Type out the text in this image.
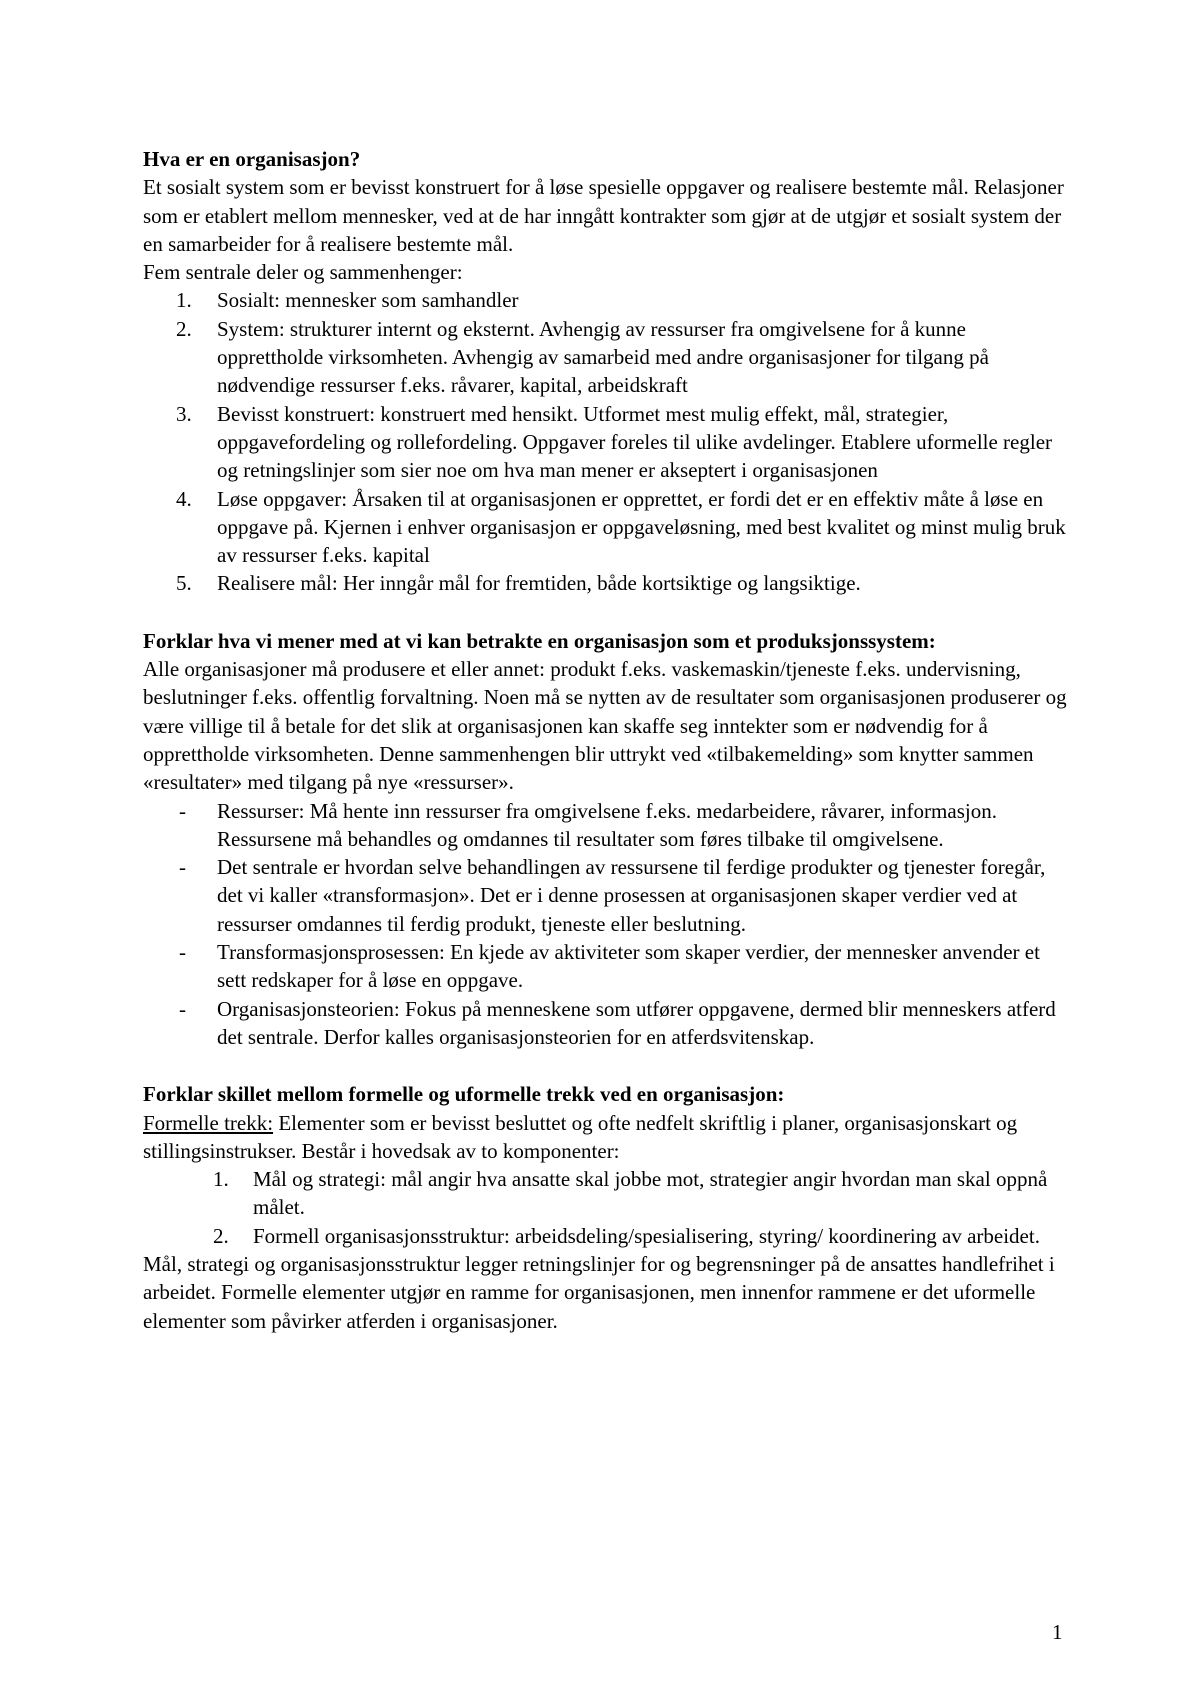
Hva er en organisasjon?

Et sosialt system som er bevisst konstruert for å løse spesielle oppgaver og realisere bestemte mål. Relasjoner som er etablert mellom mennesker, ved at de har inngått kontrakter som gjør at de utgjør et sosialt system der en samarbeider for å realisere bestemte mål.

Fem sentrale deler og sammenhenger:

1. Sosialt: mennesker som samhandler
2. System: strukturer internt og eksternt. Avhengig av ressurser fra omgivelsene for å kunne opprettholde virksomheten. Avhengig av samarbeid med andre organisasjoner for tilgang på nødvendige ressurser f.eks. råvarer, kapital, arbeidskraft
3. Bevisst konstruert: konstruert med hensikt. Utformet mest mulig effekt, mål, strategier, oppgavefordeling og rollefordeling. Oppgaver foreles til ulike avdelinger. Etablere uformelle regler og retningslinjer som sier noe om hva man mener er akseptert i organisasjonen
4. Løse oppgaver: Årsaken til at organisasjonen er opprettet, er fordi det er en effektiv måte å løse en oppgave på. Kjernen i enhver organisasjon er oppgaveløsning, med best kvalitet og minst mulig bruk av ressurser f.eks. kapital
5. Realisere mål: Her inngår mål for fremtiden, både kortsiktige og langsiktige.

Forklar hva vi mener med at vi kan betrakte en organisasjon som et produksjonssystem:

Alle organisasjoner må produsere et eller annet: produkt f.eks. vaskemaskin/tjeneste f.eks. undervisning, beslutninger f.eks. offentlig forvaltning. Noen må se nytten av de resultater som organisasjonen produserer og være villige til å betale for det slik at organisasjonen kan skaffe seg inntekter som er nødvendig for å opprettholde virksomheten. Denne sammenhengen blir uttrykt ved «tilbakemelding» som knytter sammen «resultater» med tilgang på nye «ressurser».

- Ressurser: Må hente inn ressurser fra omgivelsene f.eks. medarbeidere, råvarer, informasjon. Ressursene må behandles og omdannes til resultater som føres tilbake til omgivelsene.
- Det sentrale er hvordan selve behandlingen av ressursene til ferdige produkter og tjenester foregår, det vi kaller «transformasjon». Det er i denne prosessen at organisasjonen skaper verdier ved at ressurser omdannes til ferdig produkt, tjeneste eller beslutning.
- Transformasjonsprosessen: En kjede av aktiviteter som skaper verdier, der mennesker anvender et sett redskaper for å løse en oppgave.
- Organisasjonsteorien: Fokus på menneskene som utfører oppgavene, dermed blir menneskers atferd det sentrale. Derfor kalles organisasjonsteorien for en atferdsvitenskap.

Forklar skillet mellom formelle og uformelle trekk ved en organisasjon:

Formelle trekk: Elementer som er bevisst besluttet og ofte nedfelt skriftlig i planer, organisasjonskart og stillingsinstrukser. Består i hovedsak av to komponenter:

1. Mål og strategi: mål angir hva ansatte skal jobbe mot, strategier angir hvordan man skal oppnå målet.
2. Formell organisasjonsstruktur: arbeidsdeling/spesialisering, styring/ koordinering av arbeidet.

Mål, strategi og organisasjonsstruktur legger retningslinjer for og begrensninger på de ansattes handlefrihet i arbeidet. Formelle elementer utgjør en ramme for organisasjonen, men innenfor rammene er det uformelle elementer som påvirker atferden i organisasjoner.

1
